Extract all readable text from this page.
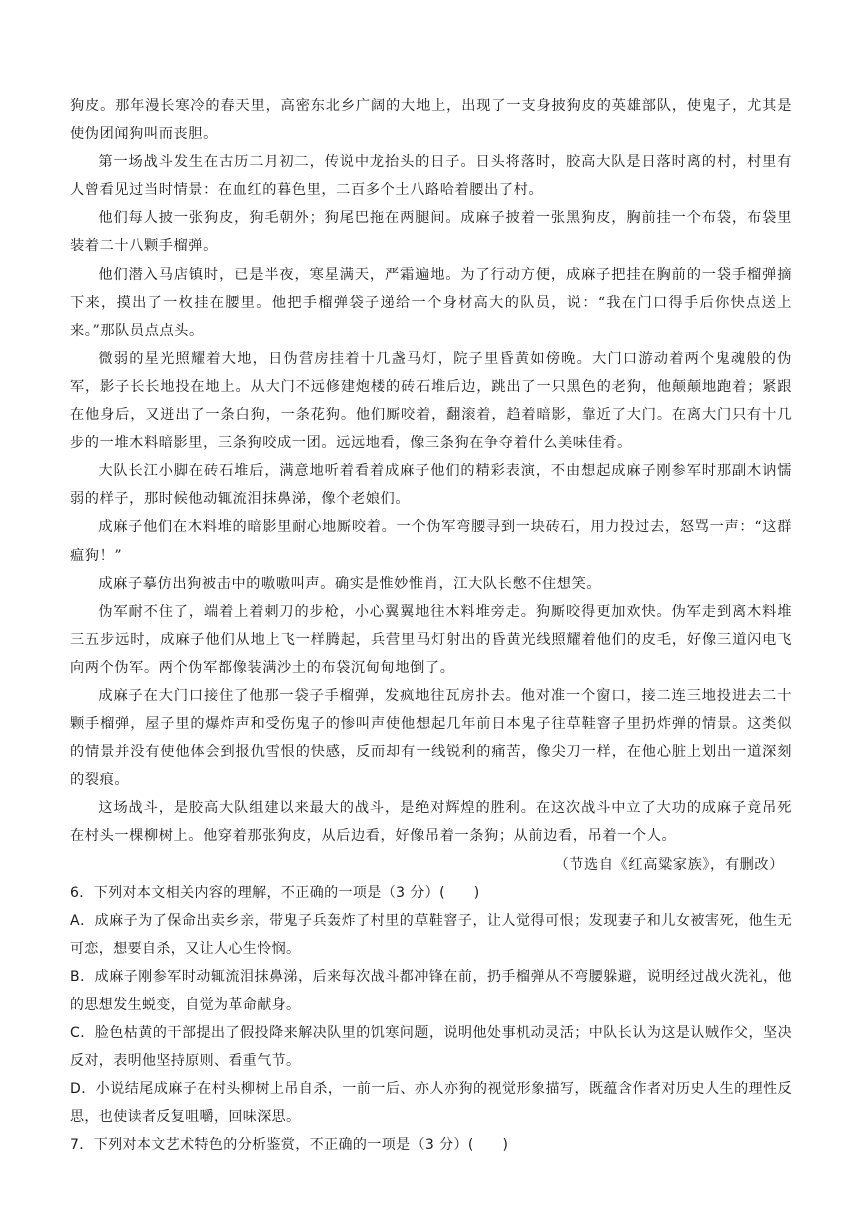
狗皮。那年漫长寒冷的春天里，高密东北乡广阔的大地上，出现了一支身披狗皮的英雄部队，使鬼子，尤其是使伪团闻狗叫而丧胆。

第一场战斗发生在古历二月初二，传说中龙抬头的日子。日头将落时，胶高大队是日落时离的村，村里有人曾看见过当时情景：在血红的暮色里，二百多个土八路哈着腰出了村。

他们每人披一张狗皮，狗毛朝外；狗尾巴拖在两腿间。成麻子披着一张黑狗皮，胸前挂一个布袋，布袋里装着二十八颗手榴弹。

他们潜入马店镇时，已是半夜，寒星满天，严霜遍地。为了行动方便，成麻子把挂在胸前的一袋手榴弹摘下来，摸出了一枚挂在腰里。他把手榴弹袋子递给一个身材高大的队员，说：“我在门口得手后你快点送上来。”那队员点点头。

微弱的星光照耀着大地，日伪营房挂着十几盏马灯，院子里昏黄如傍晚。大门口游动着两个鬼魂般的伪军，影子长长地投在地上。从大门不远修建炮楼的砖石堆后边，跳出了一只黑色的老狗，他颠颠地跑着；紧跟在他身后，又迸出了一条白狗，一条花狗。他们厮咬着，翻滚着，趋着暗影，靠近了大门。在离大门只有十几步的一堆木料暗影里，三条狗咬成一团。远远地看，像三条狗在争夺着什么美味佳肴。

大队长江小脚在砖石堆后，满意地听着看着成麻子他们的精彩表演，不由想起成麻子刚参军时那副木讷懦弱的样子，那时候他动辄流泪抹鼻涕，像个老娘们。

成麻子他们在木料堆的暗影里耐心地厮咬着。一个伪军弯腰寻到一块砖石，用力投过去，怒骂一声：“这群瘟狗！”

成麻子摹仿出狗被击中的嗷嗷叫声。确实是惟妙惟肖，江大队长憋不住想笑。

伪军耐不住了，端着上着刺刀的步枪，小心翼翼地往木料堆旁走。狗厮咬得更加欢快。伪军走到离木料堆三五步远时，成麻子他们从地上飞一样腾起，兵营里马灯射出的昏黄光线照耀着他们的皮毛，好像三道闪电飞向两个伪军。两个伪军都像装满沙土的布袋沉甸甸地倒了。

成麻子在大门口接住了他那一袋子手榴弹，发疯地往瓦房扑去。他对准一个窗口，接二连三地投进去二十颗手榴弹，屋子里的爆炸声和受伤鬼子的惨叫声使他想起几年前日本鬼子往草鞋窨子里扔炸弹的情景。这类似的情景并没有使他体会到报仇雪恨的快感，反而却有一线锐利的痛苦，像尖刀一样，在他心脏上划出一道深刻的裂痕。

这场战斗，是胶高大队组建以来最大的战斗，是绝对辉煌的胜利。在这次战斗中立了大功的成麻子竟吊死在村头一棵柳树上。他穿着那张狗皮，从后边看，好像吊着一条狗；从前边看，吊着一个人。

（节选自《红高粱家族》，有删改）

6．下列对本文相关内容的理解，不正确的一项是（3 分）(　　)

A．成麻子为了保命出卖乡亲，带鬼子兵轰炸了村里的草鞋窨子，让人觉得可恨；发现妻子和儿女被害死，他生无可恋，想要自杀，又让人心生怜悯。

B．成麻子刚参军时动辄流泪抹鼻涕，后来每次战斗都冲锋在前，扔手榴弹从不弯腰躲避，说明经过战火洗礼，他的思想发生蜕变，自觉为革命献身。

C．脸色枯黄的干部提出了假投降来解决队里的饥寒问题，说明他处事机动灵活；中队长认为这是认贼作父，坚决反对，表明他坚持原则、看重气节。

D．小说结尾成麻子在村头柳树上吊自杀，一前一后、亦人亦狗的视觉形象描写，既蕴含作者对历史人生的理性反思，也使读者反复咀嚼，回味深思。

7．下列对本文艺术特色的分析鉴赏，不正确的一项是（3 分）(　　)
